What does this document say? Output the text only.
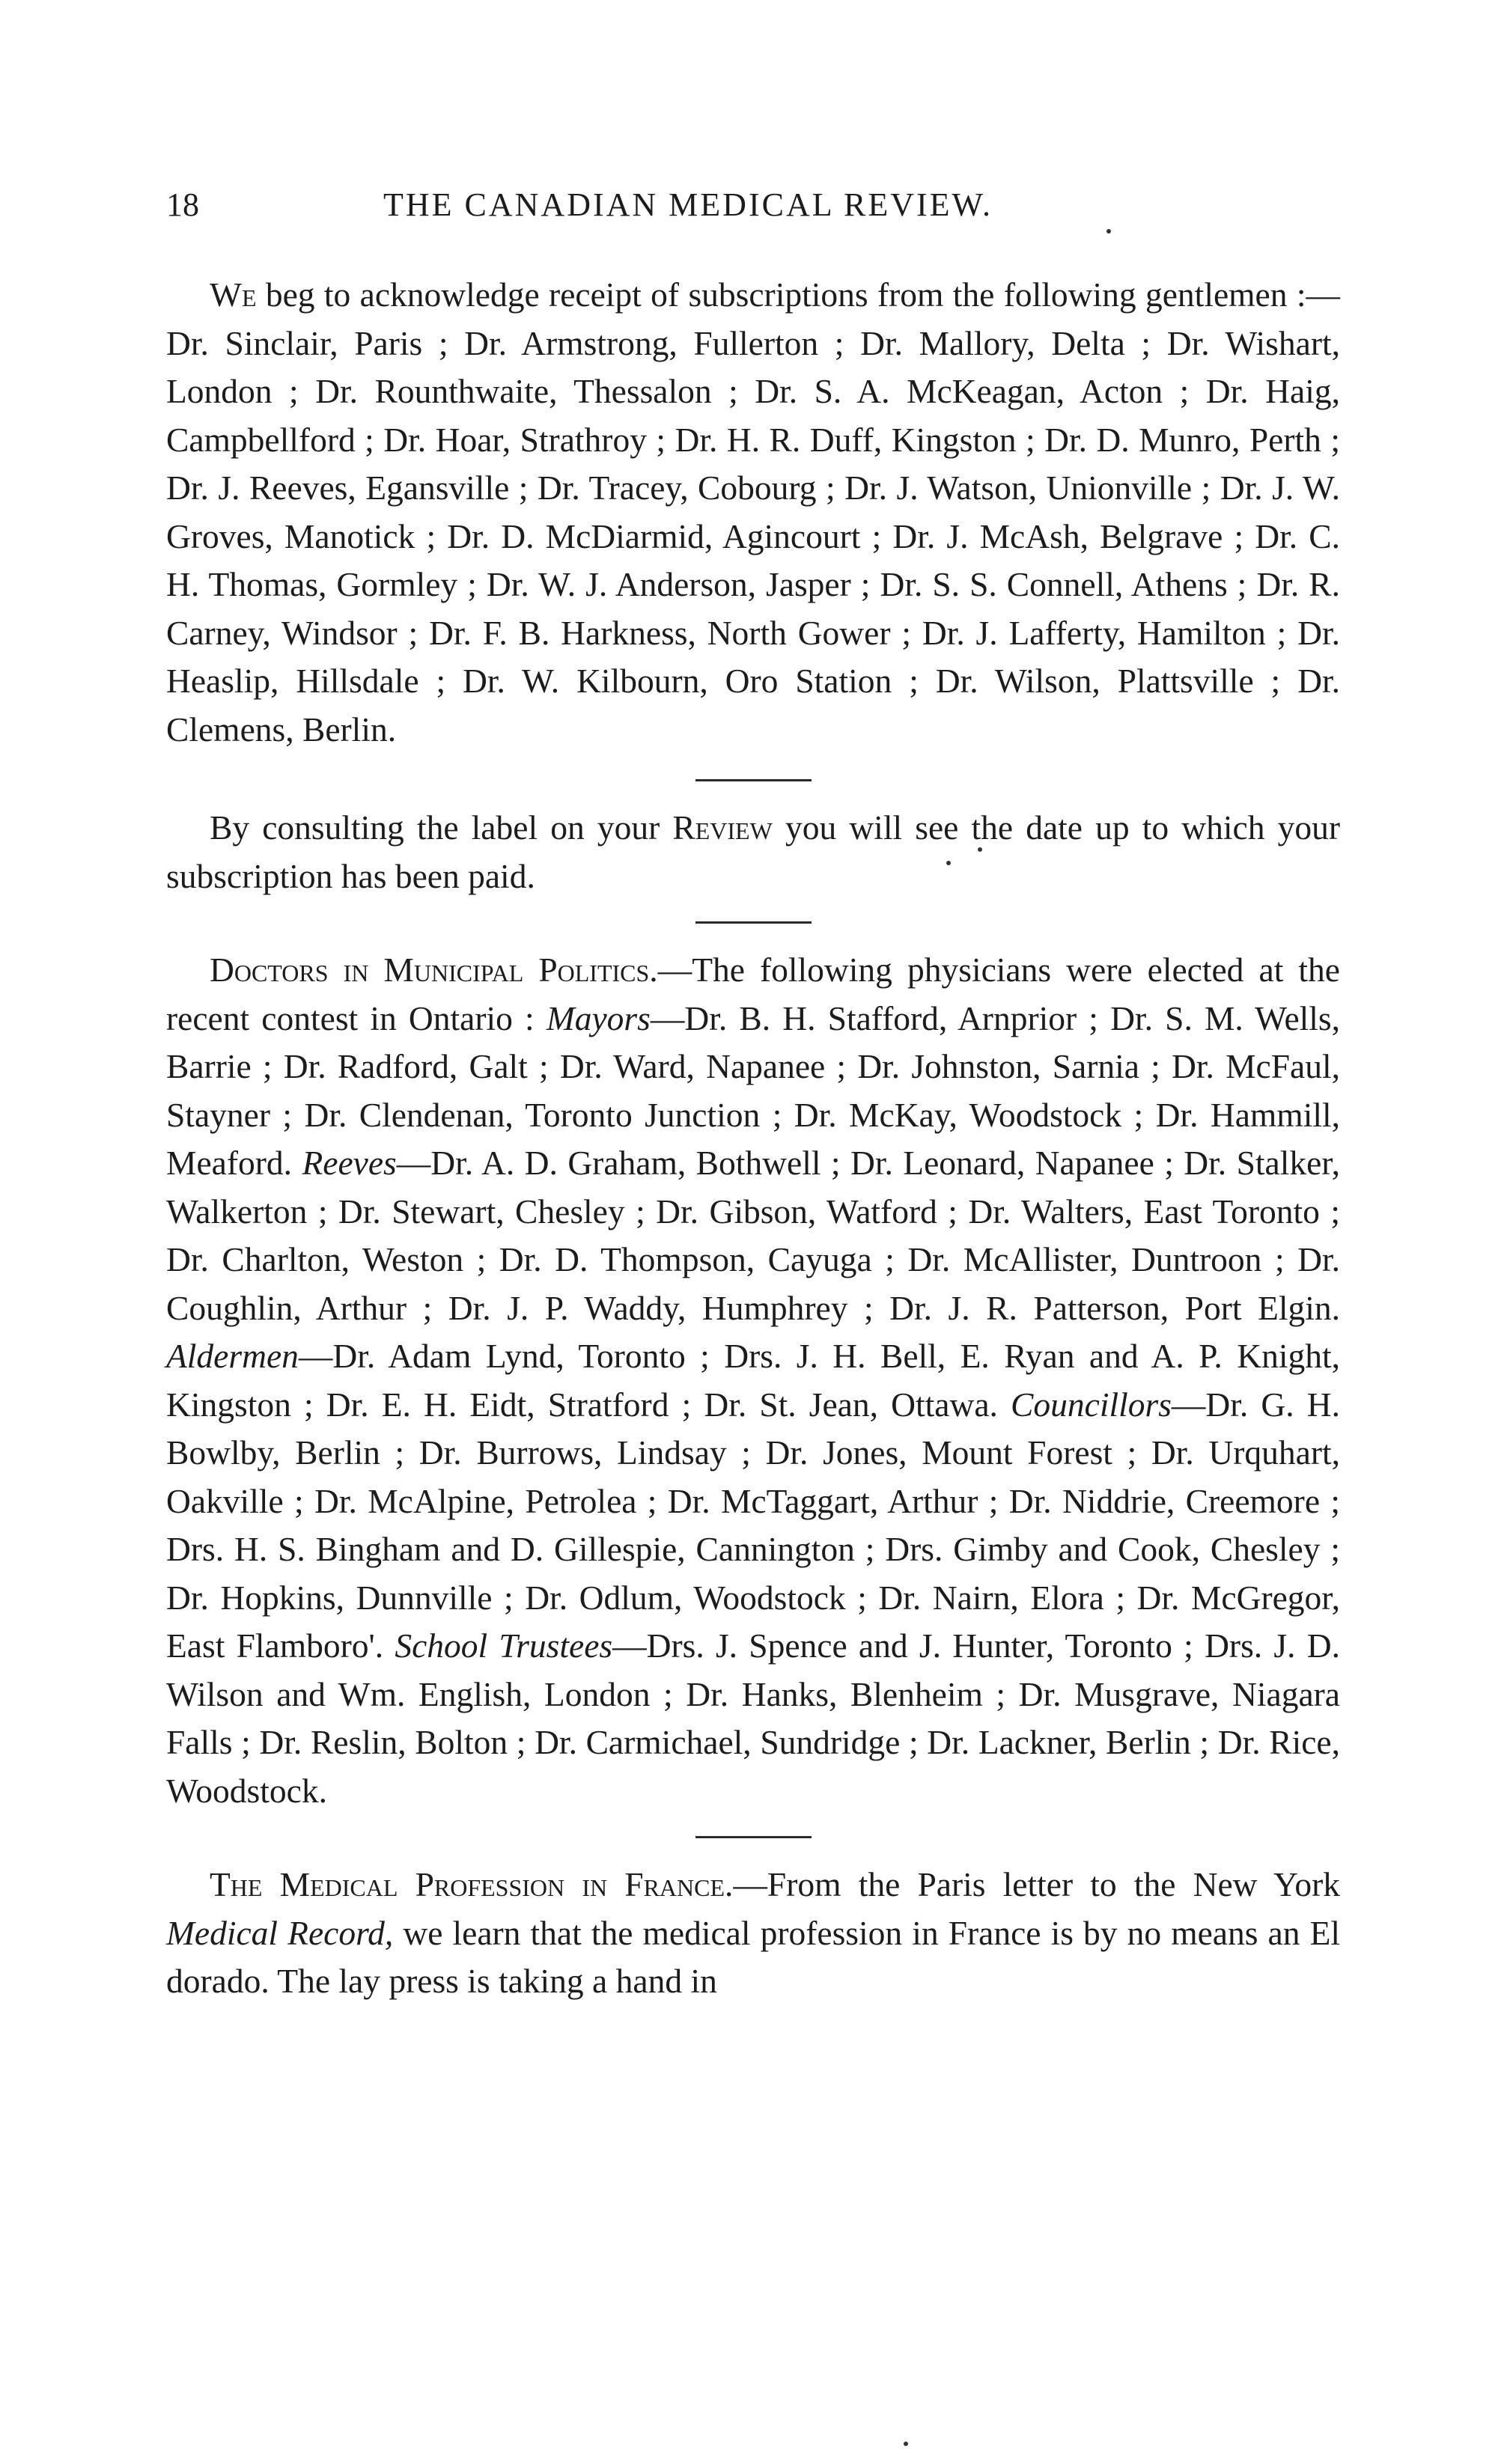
18	THE CANADIAN MEDICAL REVIEW.

We beg to acknowledge receipt of subscriptions from the following gentlemen :—Dr. Sinclair, Paris ; Dr. Armstrong, Fullerton ; Dr. Mallory, Delta ; Dr. Wishart, London ; Dr. Rounthwaite, Thessalon ; Dr. S. A. McKeagan, Acton ; Dr. Haig, Campbellford ; Dr. Hoar, Strathroy ; Dr. H. R. Duff, Kingston ; Dr. D. Munro, Perth ; Dr. J. Reeves, Egansville ; Dr. Tracey, Cobourg ; Dr. J. Watson, Unionville ; Dr. J. W. Groves, Manotick ; Dr. D. McDiarmid, Agincourt ; Dr. J. McAsh, Belgrave ; Dr. C. H. Thomas, Gormley ; Dr. W. J. Anderson, Jasper ; Dr. S. S. Connell, Athens ; Dr. R. Carney, Windsor ; Dr. F. B. Harkness, North Gower ; Dr. J. Lafferty, Hamilton ; Dr. Heaslip, Hillsdale ; Dr. W. Kilbourn, Oro Station ; Dr. Wilson, Plattsville ; Dr. Clemens, Berlin.

By consulting the label on your Review you will see the date up to which your subscription has been paid.

Doctors in Municipal Politics.—The following physicians were elected at the recent contest in Ontario : Mayors—Dr. B. H. Stafford, Arnprior ; Dr. S. M. Wells, Barrie ; Dr. Radford, Galt ; Dr. Ward, Napanee ; Dr. Johnston, Sarnia ; Dr. McFaul, Stayner ; Dr. Clendenan, Toronto Junction ; Dr. McKay, Woodstock ; Dr. Hammill, Meaford. Reeves—Dr. A. D. Graham, Bothwell ; Dr. Leonard, Napanee ; Dr. Stalker, Walkerton ; Dr. Stewart, Chesley ; Dr. Gibson, Watford ; Dr. Walters, East Toronto ; Dr. Charlton, Weston ; Dr. D. Thompson, Cayuga ; Dr. McAllister, Duntroon ; Dr. Coughlin, Arthur ; Dr. J. P. Waddy, Humphrey ; Dr. J. R. Patterson, Port Elgin. Aldermen—Dr. Adam Lynd, Toronto ; Drs. J. H. Bell, E. Ryan and A. P. Knight, Kingston ; Dr. E. H. Eidt, Stratford ; Dr. St. Jean, Ottawa. Councillors—Dr. G. H. Bowlby, Berlin ; Dr. Burrows, Lindsay ; Dr. Jones, Mount Forest ; Dr. Urquhart, Oakville ; Dr. McAlpine, Petrolea ; Dr. McTaggart, Arthur ; Dr. Niddrie, Creemore ; Drs. H. S. Bingham and D. Gillespie, Cannington ; Drs. Gimby and Cook, Chesley ; Dr. Hopkins, Dunnville ; Dr. Odlum, Woodstock ; Dr. Nairn, Elora ; Dr. McGregor, East Flamboro'. School Trustees—Drs. J. Spence and J. Hunter, Toronto ; Drs. J. D. Wilson and Wm. English, London ; Dr. Hanks, Blenheim ; Dr. Musgrave, Niagara Falls ; Dr. Reslin, Bolton ; Dr. Carmichael, Sundridge ; Dr. Lackner, Berlin ; Dr. Rice, Woodstock.

The Medical Profession in France.—From the Paris letter to the New York Medical Record, we learn that the medical profession in France is by no means an El dorado. The lay press is taking a hand in
